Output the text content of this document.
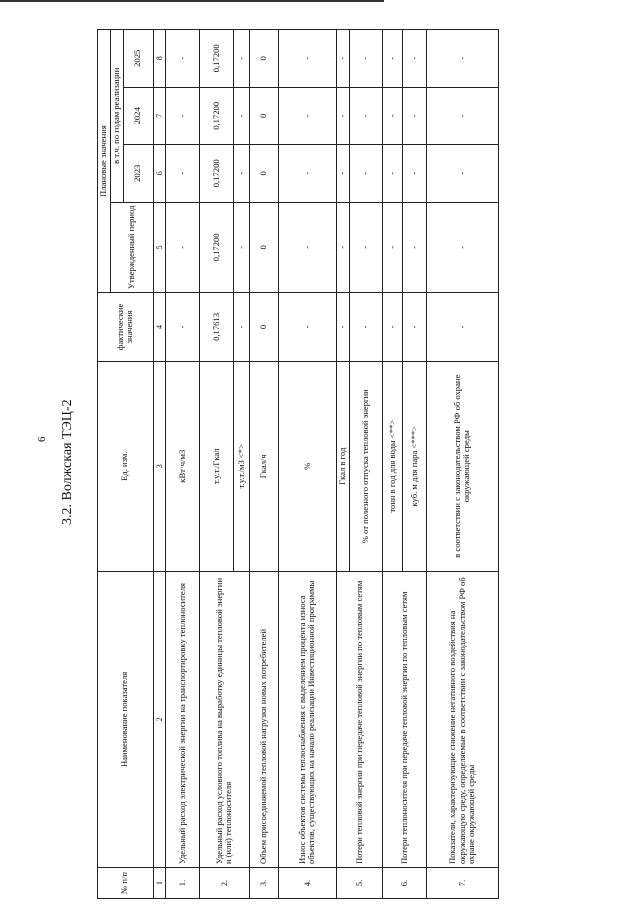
6 3.2. Волжская ТЭЦ-2
№ п/п	Наименование показателя	Ед. изм.	фактические значения	Плановые значения			
				Утвержденный период	в т.ч. по годам реализации		
					2023	2024	2025
1	2	3	4	5	6	7	8
1.	Удельный расход электрической энергии на транспортировку теплоносителя	кВт·ч/м3	-	-	-	-	-
2.	Удельный расход условного топлива на выработку единицы тепловой энергии и (или) теплоносителя	т.у.т./Гкал	0,17613	0,17200	0,17200	0,17200	0,17200
		т.у.т./м3 <*>	-	-	-	-	-
3.	Объем присоединяемой тепловой нагрузки новых потребителей	Гкал/ч	0	0	0	0	0
4.	Износ объектов системы теплоснабжения с выделением процента износа объектов, существующих на начало реализации Инвестиционной программы	%	-	-	-	-	-
5.	Потери тепловой энергии при передаче тепловой энергии по тепловым сетям	Гкал в год	-	-	-	-	-
		% от полезного отпуска тепловой энергии	-	-	-	-	-
6.	Потери теплоносителя при передаче тепловой энергии по тепловым сетям	тонн в год для воды <**>	-	-	-	-	-
		куб. м для пара <***>	-	-	-	-	-
7.	Показатели, характеризующие снижение негативного воздействия на окружающую среду, определяемые в соответствии с законодательством РФ об охране окружающей среды	в соответствии с законодательством РФ об охране окружающей среды	-	-	-	-	-
